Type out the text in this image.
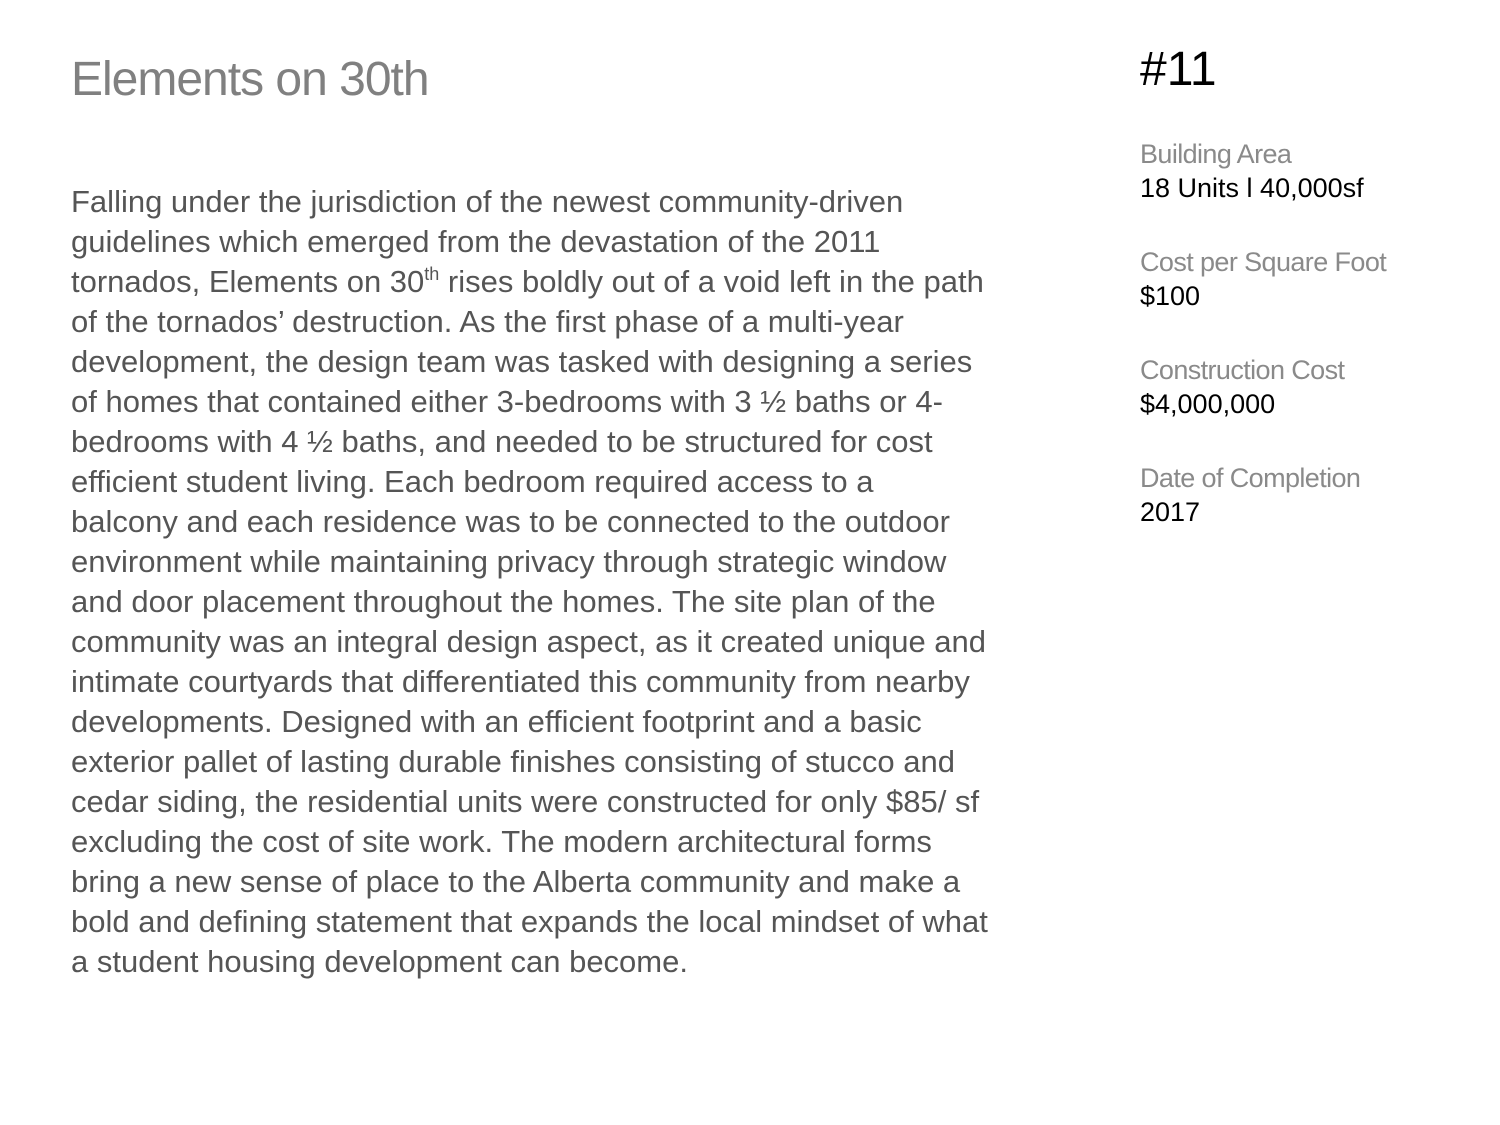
Elements on 30th
Falling under the jurisdiction of the newest community-driven
guidelines which emerged from the devastation of the 2011
tornados, Elements on 30th rises boldly out of a void left in the path
of the tornados’ destruction. As the first phase of a multi-year
development, the design team was tasked with designing a series
of homes that contained either 3-bedrooms with 3 ½ baths or 4-
bedrooms with 4 ½ baths, and needed to be structured for cost
efficient student living. Each bedroom required access to a
balcony and each residence was to be connected to the outdoor
environment while maintaining privacy through strategic window
and door placement throughout the homes. The site plan of the
community was an integral design aspect, as it created unique and
intimate courtyards that differentiated this community from nearby
developments. Designed with an efficient footprint and a basic
exterior pallet of lasting durable finishes consisting of stucco and
cedar siding, the residential units were constructed for only $85/ sf
excluding the cost of site work. The modern architectural forms
bring a new sense of place to the Alberta community and make a
bold and defining statement that expands the local mindset of what
a student housing development can become.
#11
Building Area
18 Units l 40,000sf
Cost per Square Foot
$100
Construction Cost
$4,000,000
Date of Completion
2017
